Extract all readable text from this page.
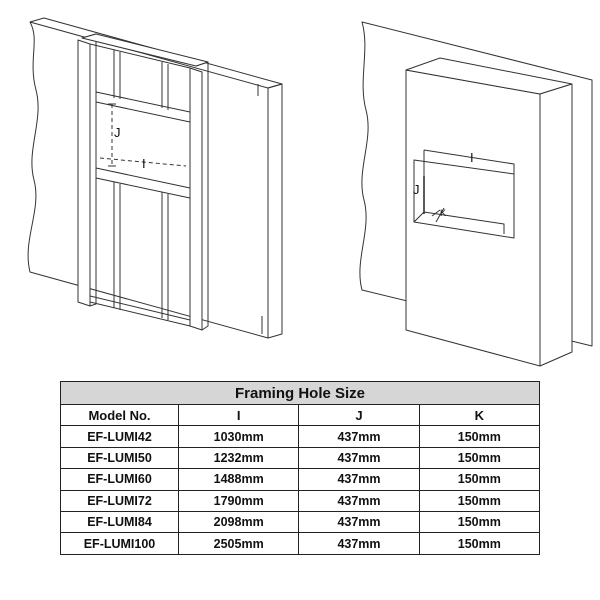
J
I	I
J
K
Framing Hole Size			
Model No.	I	J	K
EF-LUMI42	1030mm	437mm	150mm
EF-LUMI50	1232mm	437mm	150mm
EF-LUMI60	1488mm	437mm	150mm
EF-LUMI72	1790mm	437mm	150mm
EF-LUMI84	2098mm	437mm	150mm
EF-LUMI100	2505mm	437mm	150mm
